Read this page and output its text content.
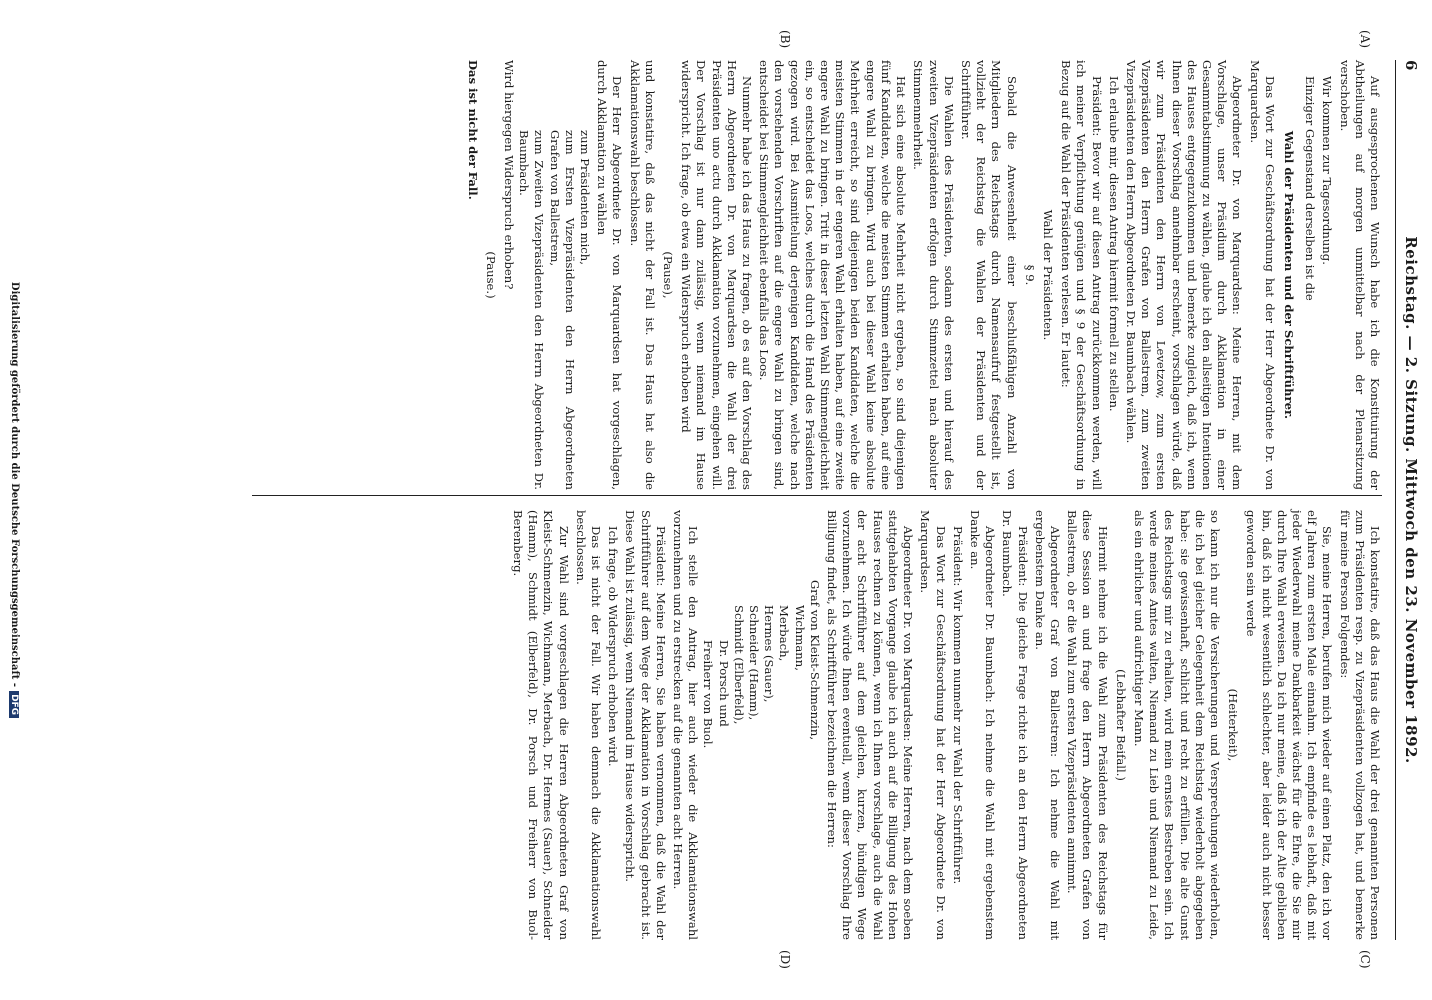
6
Reichstag. — 2. Sitzung. Mittwoch den 23. November 1892.
(A)
(B)
(C)
(D)

Auf ausgesprochenen Wunsch habe ich die Konstituirung der Abtheilungen auf morgen unmittelbar nach der Plenarsitzung verschoben.

Wir kommen zur Tagesordnung.

Einziger Gegenstand derselben ist die

Wahl der Präsidenten und der Schriftführer.

Das Wort zur Geschäftsordnung hat der Herr Abgeordnete Dr. von Marquardsen.

Abgeordneter Dr. von Marquardsen: Meine Herren, mit dem Vorschlage, unser Präsidium durch Akklamation in einer Gesammtabstimmung zu wählen, glaube ich den allseitigen Intentionen des Hauses entgegenzukommen und bemerke zugleich, daß ich, wenn Ihnen dieser Vorschlag annehmbar erscheint, vorschlagen würde, daß wir zum Präsidenten den Herrn von Levetzow, zum ersten Vizepräsidenten den Herrn Grafen von Ballestrem, zum zweiten Vizepräsidenten den Herrn Abgeordneten Dr. Baumbach wählen.

Ich erlaube mir, diesen Antrag hiermit formell zu stellen.

Präsident: Bevor wir auf diesen Antrag zurückkommen werden, will ich meiner Verpflichtung genügen und § 9 der Geschäftsordnung in Bezug auf die Wahl der Präsidenten verlesen. Er lautet:

Wahl der Präsidenten.

§ 9.

Sobald die Anwesenheit einer beschlußfähigen Anzahl von Mitgliedern des Reichstags durch Namensaufruf festgestellt ist, vollzieht der Reichstag die Wahlen der Präsidenten und der Schriftführer.

Die Wahlen des Präsidenten, sodann des ersten und hierauf des zweiten Vizepräsidenten erfolgen durch Stimmzettel nach absoluter Stimmenmehrheit.

Hat sich eine absolute Mehrheit nicht ergeben, so sind diejenigen fünf Kandidaten, welche die meisten Stimmen erhalten haben, auf eine engere Wahl zu bringen. Wird auch bei dieser Wahl keine absolute Mehrheit erreicht, so sind diejenigen beiden Kandidaten, welche die meisten Stimmen in der engeren Wahl erhalten haben, auf eine zweite engere Wahl zu bringen. Tritt in dieser letzten Wahl Stimmengleichheit ein, so entscheidet das Loos, welches durch die Hand des Präsidenten gezogen wird. Bei Ausmittelung derjenigen Kandidaten, welche nach den vorstehenden Vorschriften auf die engere Wahl zu bringen sind, entscheidet bei Stimmengleichheit ebenfalls das Loos.

Nunmehr habe ich das Haus zu fragen, ob es auf den Vorschlag des Herrn Abgeordneten Dr. von Marquardsen die Wahl der drei Präsidenten uno actu durch Akklamation vorzunehmen, eingehen will. Der Vorschlag ist nur dann zulässig, wenn niemand im Hause widerspricht. Ich frage, ob etwa ein Widerspruch erhoben wird

(Pause),

und konstatire, daß das nicht der Fall ist. Das Haus hat also die Akklamationswahl beschlossen.

Der Herr Abgeordnete Dr. von Marquardsen hat vorgeschlagen, durch Akklamation zu wählen

zum Präsidenten mich,

zum Ersten Vizepräsidenten den Herrn Abgeordneten Grafen von Ballestrem,

zum Zweiten Vizepräsidenten den Herrn Abgeordneten Dr. Baumbach.

Wird hiergegen Widerspruch erhoben?

(Pause.)

Das ist nicht der Fall.

Ich konstatire, daß das Haus die Wahl der drei genannten Personen zum Präsidenten resp. zu Vizepräsidenten vollzogen hat, und bemerke für meine Person Folgendes:

Sie, meine Herren, berufen mich wieder auf einen Platz, den ich vor elf Jahren zum ersten Male einnahm. Ich empfinde es lebhaft, daß mit jeder Wiederwahl meine Dankbarkeit wächst für die Ehre, die Sie mir durch Ihre Wahl erweisen. Da ich nur meine, daß ich der Alte geblieben bin, daß ich nicht wesentlich schlechter, aber leider auch nicht besser geworden sein werde

(Heiterkeit),

so kann ich nur die Versicherungen und Versprechungen wiederholen, die ich bei gleicher Gelegenheit dem Reichstag wiederholt abgegeben habe: sie gewissenhaft, schlicht und recht zu erfüllen. Die alte Gunst des Reichstags mir zu erhalten, wird mein ernstes Bestreben sein. Ich werde meines Amtes walten, Niemand zu Lieb und Niemand zu Leide, als ein ehrlicher und aufrichtiger Mann.

(Lebhafter Beifall.)

Hiermit nehme ich die Wahl zum Präsidenten des Reichstags für diese Session an und frage den Herrn Abgeordneten Grafen von Ballestrem, ob er die Wahl zum ersten Vizepräsidenten annimmt.

Abgeordneter Graf von Ballestrem: Ich nehme die Wahl mit ergebenstem Danke an.

Präsident: Die gleiche Frage richte ich an den Herrn Abgeordneten Dr. Baumbach.

Abgeordneter Dr. Baumbach: Ich nehme die Wahl mit ergebenstem Danke an.

Präsident: Wir kommen nunmehr zur Wahl der Schriftführer.

Das Wort zur Geschäftsordnung hat der Herr Abgeordnete Dr. von Marquardsen.

Abgeordneter Dr. von Marquardsen: Meine Herren, nach dem soeben stattgehabten Vorgange glaube ich auch auf die Billigung des Hohen Hauses rechnen zu können, wenn ich Ihnen vorschlage, auch die Wahl der acht Schriftführer auf dem gleichen, kurzen, bündigen Wege vorzunehmen. Ich würde Ihnen eventuell, wenn dieser Vorschlag Ihre Billigung findet, als Schriftführer bezeichnen die Herren:

Graf von Kleist-Schmenzin,

Wichmann,

Merbach,

Hermes (Sauer),

Schneider (Hamm),

Schmidt (Elberfeld),

Dr. Porsch und

Freiherr von Buol.

Ich stelle den Antrag, hier auch wieder die Akklamationswahl vorzunehmen und zu erstrecken auf die genannten acht Herren.

Präsident: Meine Herren, Sie haben vernommen, daß die Wahl der Schriftführer auf dem Wege der Akklamation in Vorschlag gebracht ist. Diese Wahl ist zulässig, wenn Niemand im Hause widerspricht.

Ich frage, ob Widerspruch erhoben wird.

Das ist nicht der Fall. Wir haben demnach die Akklamationswahl beschlossen.

Zur Wahl sind vorgeschlagen die Herren Abgeordneten Graf von Kleist-Schmenzin, Wichmann, Merbach, Dr. Hermes (Sauer), Schneider (Hamm), Schmidt (Elberfeld), Dr. Porsch und Freiherr von Buol-Berenberg.

Digitalisierung gefördert durch die Deutsche Forschungsgemeinschaft -DFG
